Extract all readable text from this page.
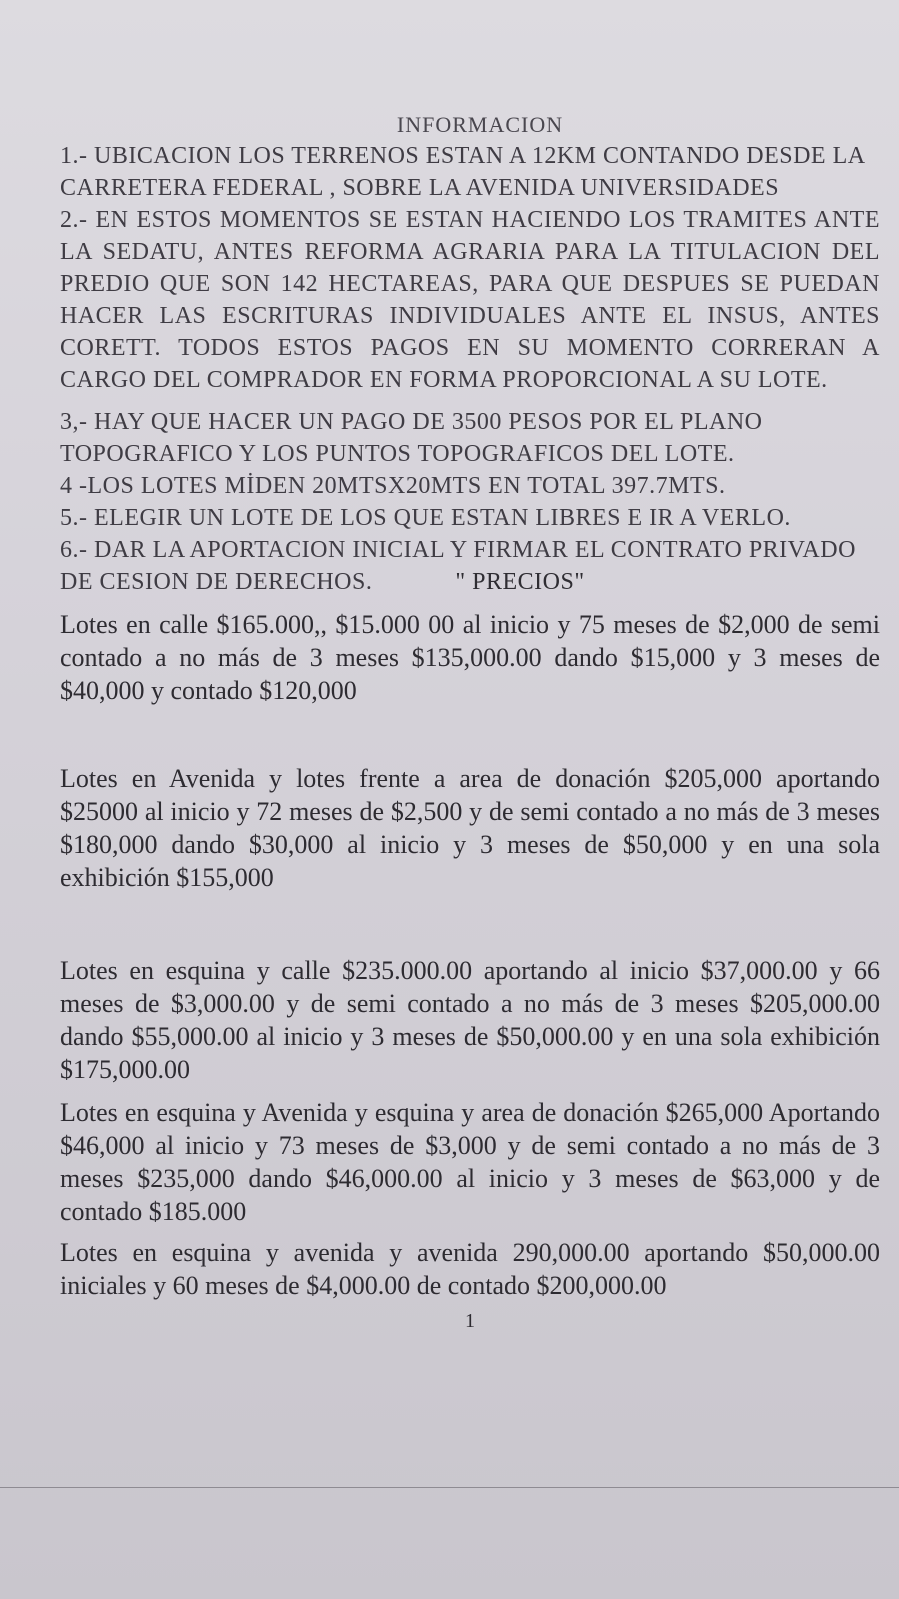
INFORMACION

1.- UBICACION LOS TERRENOS ESTAN A 12KM CONTANDO DESDE LA CARRETERA FEDERAL , SOBRE LA AVENIDA UNIVERSIDADES

2.- EN ESTOS MOMENTOS SE ESTAN HACIENDO LOS TRAMITES ANTE LA SEDATU, ANTES REFORMA AGRARIA PARA LA TITULACION DEL PREDIO QUE SON 142 HECTAREAS, PARA QUE DESPUES SE PUEDAN HACER LAS ESCRITURAS INDIVIDUALES ANTE EL INSUS, ANTES CORETT. TODOS ESTOS PAGOS EN SU MOMENTO CORRERAN A CARGO DEL COMPRADOR EN FORMA PROPORCIONAL A SU LOTE.

3,- HAY QUE HACER UN PAGO DE 3500 PESOS POR EL PLANO TOPOGRAFICO Y LOS PUNTOS TOPOGRAFICOS DEL LOTE.

4 -LOS LOTES MİDEN 20MTSX20MTS EN TOTAL 397.7MTS.

5.- ELEGIR UN LOTE DE LOS QUE ESTAN LIBRES E IR A VERLO.

6.- DAR LA APORTACION INICIAL Y FIRMAR EL CONTRATO PRIVADO DE CESION DE DERECHOS.	" PRECIOS"

Lotes en calle $165.000,, $15.000 00 al inicio y 75 meses de $2,000 de semi contado a no más de 3 meses $135,000.00 dando $15,000 y 3 meses de $40,000 y contado $120,000

Lotes en Avenida y lotes frente a area de donación $205,000 aportando $25000 al inicio y 72 meses de $2,500 y de semi contado a no más de 3 meses $180,000 dando $30,000 al inicio y 3 meses de $50,000 y en una sola exhibición $155,000

Lotes en esquina y calle $235.000.00 aportando al inicio $37,000.00 y 66 meses de $3,000.00 y de semi contado a no más de 3 meses $205,000.00 dando $55,000.00 al inicio y 3 meses de $50,000.00 y en una sola exhibición $175,000.00

Lotes en esquina y Avenida y esquina y area de donación $265,000 Aportando $46,000 al inicio y 73 meses de $3,000 y de semi contado a no más de 3 meses $235,000 dando $46,000.00 al inicio y 3 meses de $63,000 y de contado $185.000

Lotes en esquina y avenida y avenida 290,000.00 aportando $50,000.00 iniciales y 60 meses de $4,000.00 de contado $200,000.00

1
